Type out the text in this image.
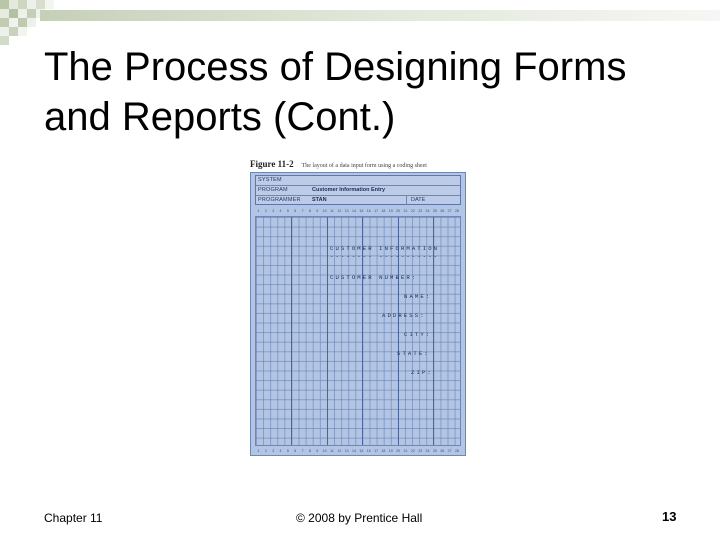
The Process of Designing Forms and Reports (Cont.)
Figure 11-2 The layout of a data input form using a coding sheet
SYSTEM
PROGRAM	Customer Information Entry
PROGRAMMER STAN	DATE
1	2	3	4	5	6	7	8	9	10 11 12 13 14 15 16 17 18 19 20 21 22 23 24 25 26 27 28
CUSTOMER INFORMATION
-------- -----------
CUSTOMER NUMBER:
NAME:
ADDRESS:
CITY:
STATE:
ZIP:
1	2	3	4	5	6	7	8	9	10 11 12 13 14 15 16 17 18 19 20 21 22 23 24 25 26 27 28
Chapter 11	© 2008 by Prentice Hall	13
